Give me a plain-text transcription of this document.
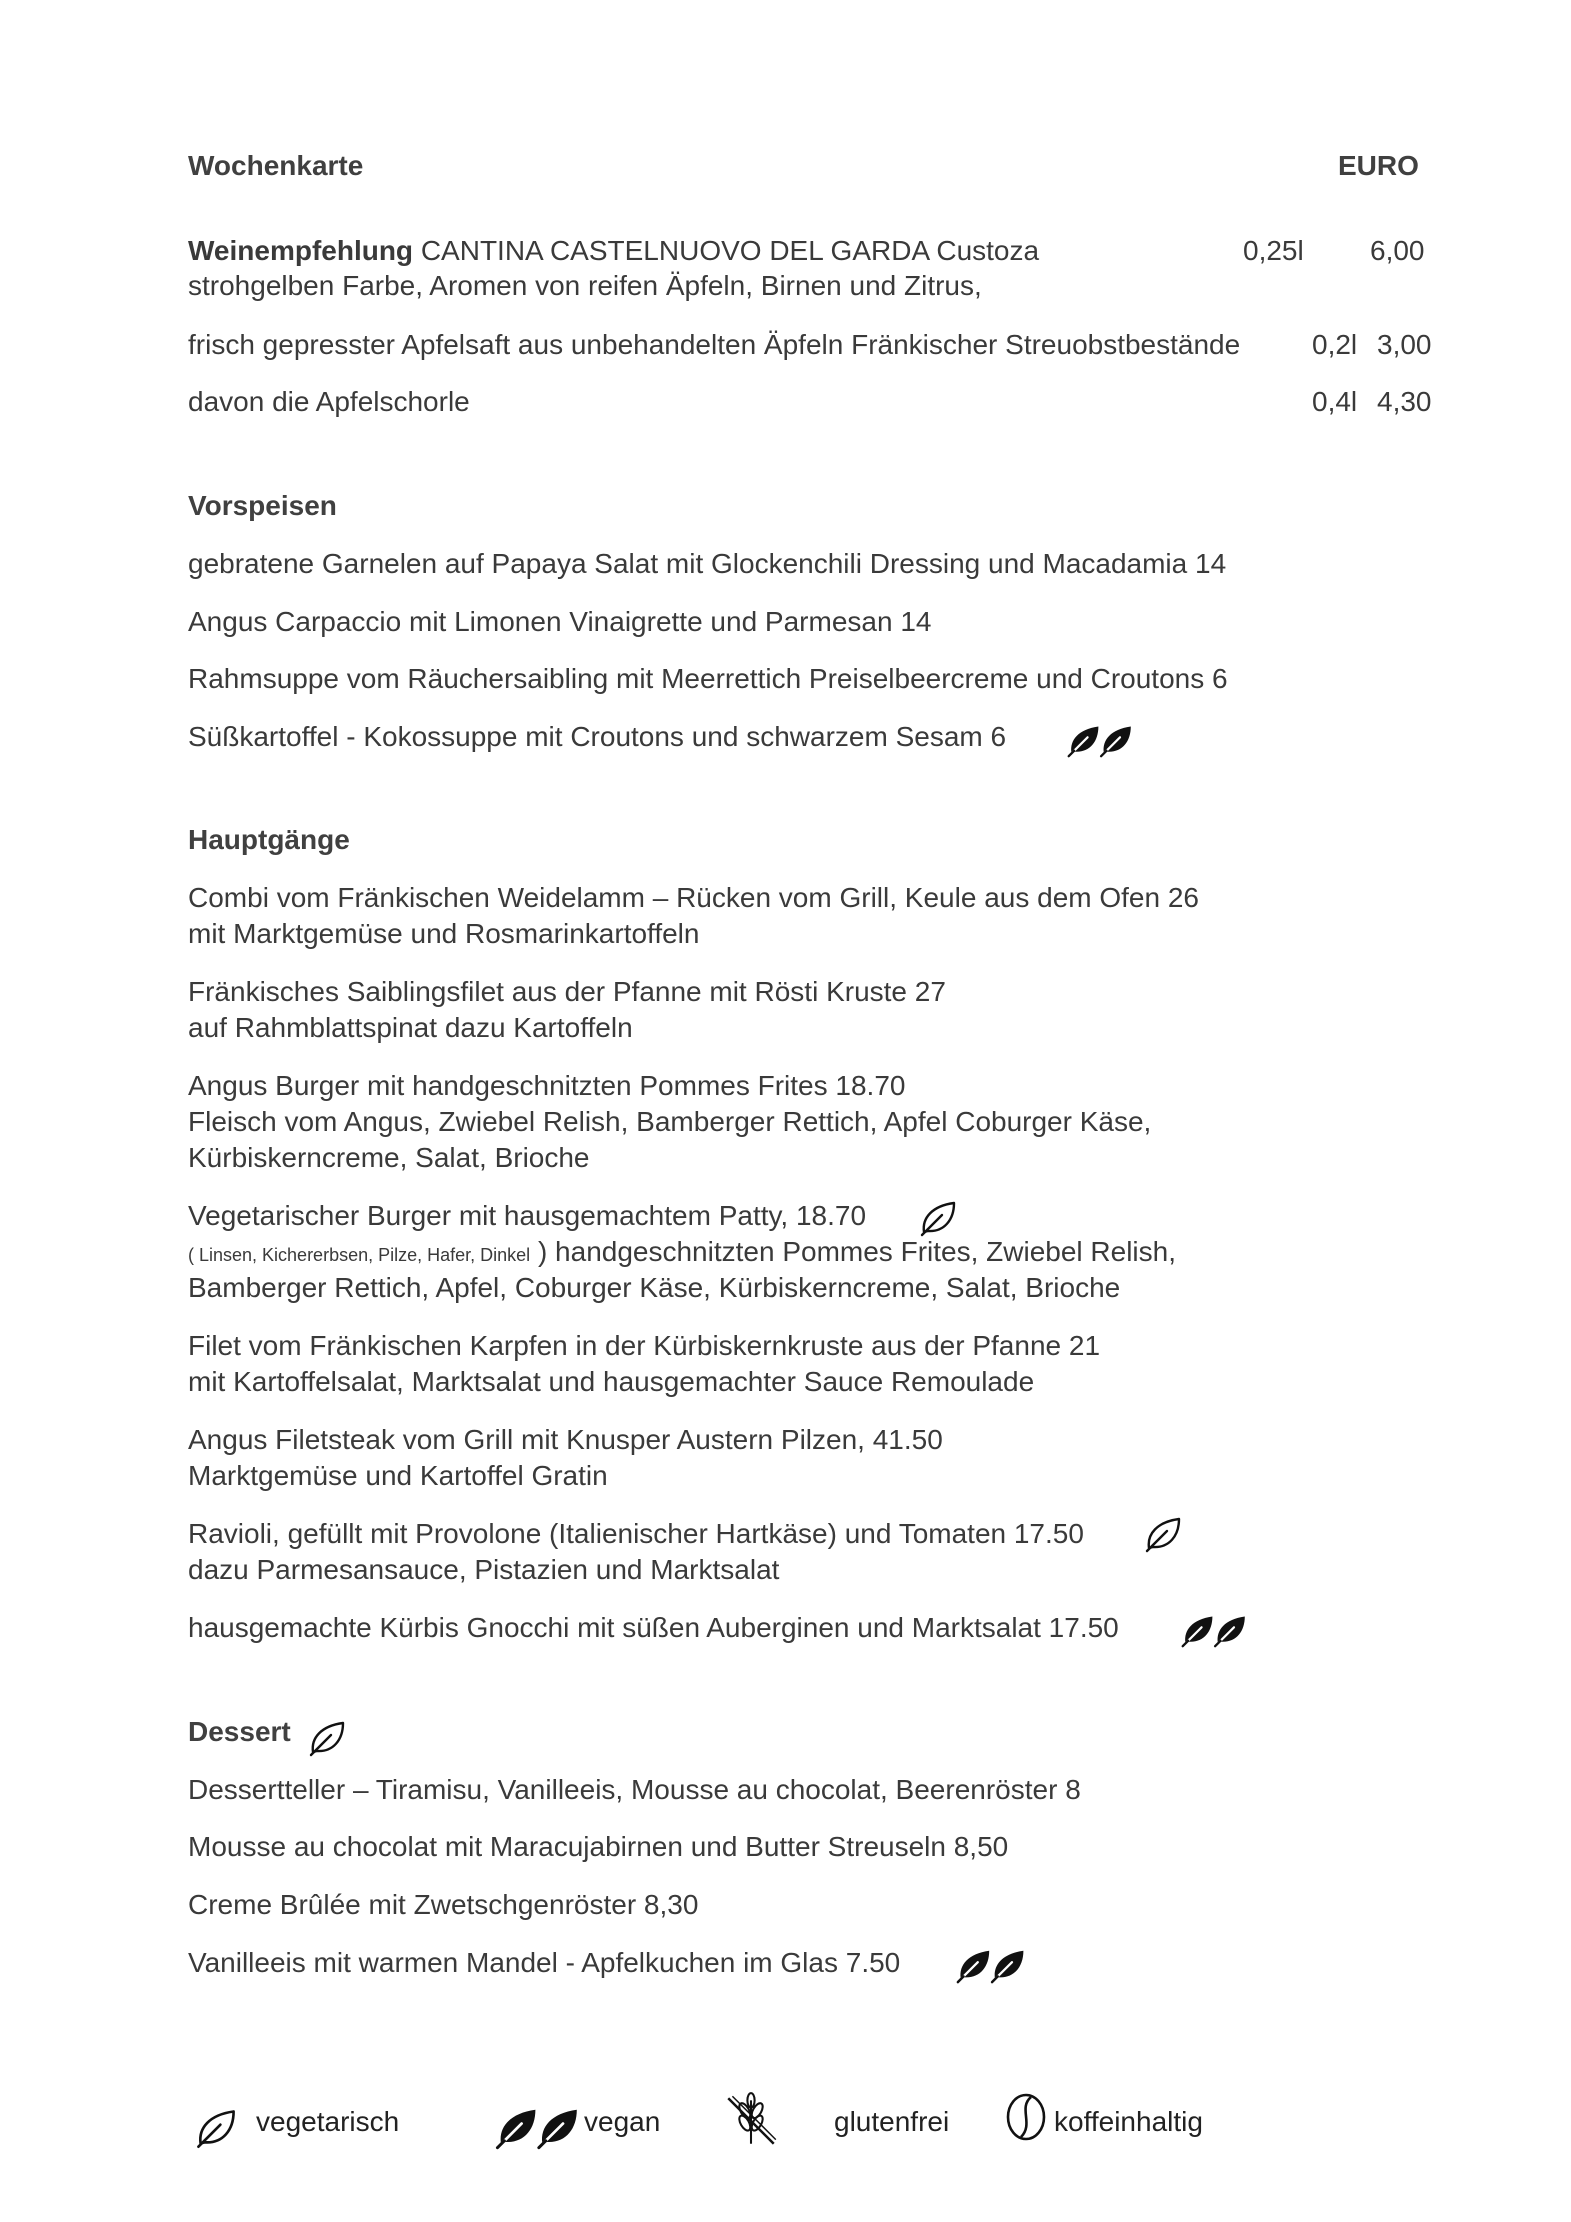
Wochenkarte	EURO
Weinempfehlung CANTINA CASTELNUOVO DEL GARDA Custoza	0,25l 6,00
strohgelben Farbe, Aromen von reifen Äpfeln, Birnen und Zitrus,
frisch gepresster Apfelsaft aus unbehandelten Äpfeln Fränkischer Streuobstbestände	0,2l 3,00
davon die Apfelschorle	0,4l 4,30
Vorspeisen
gebratene Garnelen auf Papaya Salat mit Glockenchili Dressing und Macadamia 14
Angus Carpaccio mit Limonen Vinaigrette und Parmesan 14
Rahmsuppe vom Räuchersaibling mit Meerrettich Preiselbeercreme und Croutons 6
Süßkartoffel - Kokossuppe mit Croutons und schwarzem Sesam 6
Hauptgänge
Combi vom Fränkischen Weidelamm – Rücken vom Grill, Keule aus dem Ofen 26
mit Marktgemüse und Rosmarinkartoffeln
Fränkisches Saiblingsfilet aus der Pfanne mit Rösti Kruste 27
auf Rahmblattspinat dazu Kartoffeln
Angus Burger mit handgeschnitzten Pommes Frites 18.70
Fleisch vom Angus, Zwiebel Relish, Bamberger Rettich, Apfel Coburger Käse,
Kürbiskerncreme, Salat, Brioche
Vegetarischer Burger mit hausgemachtem Patty, 18.70
( Linsen, Kichererbsen, Pilze, Hafer, Dinkel ) handgeschnitzten Pommes Frites, Zwiebel Relish,
Bamberger Rettich, Apfel, Coburger Käse, Kürbiskerncreme, Salat, Brioche
Filet vom Fränkischen Karpfen in der Kürbiskernkruste aus der Pfanne 21
mit Kartoffelsalat, Marktsalat und hausgemachter Sauce Remoulade
Angus Filetsteak vom Grill mit Knusper Austern Pilzen, 41.50
Marktgemüse und Kartoffel Gratin
Ravioli, gefüllt mit Provolone (Italienischer Hartkäse) und Tomaten 17.50
dazu Parmesansauce, Pistazien und Marktsalat
hausgemachte Kürbis Gnocchi mit süßen Auberginen und Marktsalat 17.50
Dessert
Dessertteller – Tiramisu, Vanilleeis, Mousse au chocolat, Beerenröster 8
Mousse au chocolat mit Maracujabirnen und Butter Streuseln 8,50
Creme Brûlée mit Zwetschgenröster 8,30
Vanilleeis mit warmen Mandel - Apfelkuchen im Glas 7.50
vegetarisch	vegan	glutenfrei	koffeinhaltig
